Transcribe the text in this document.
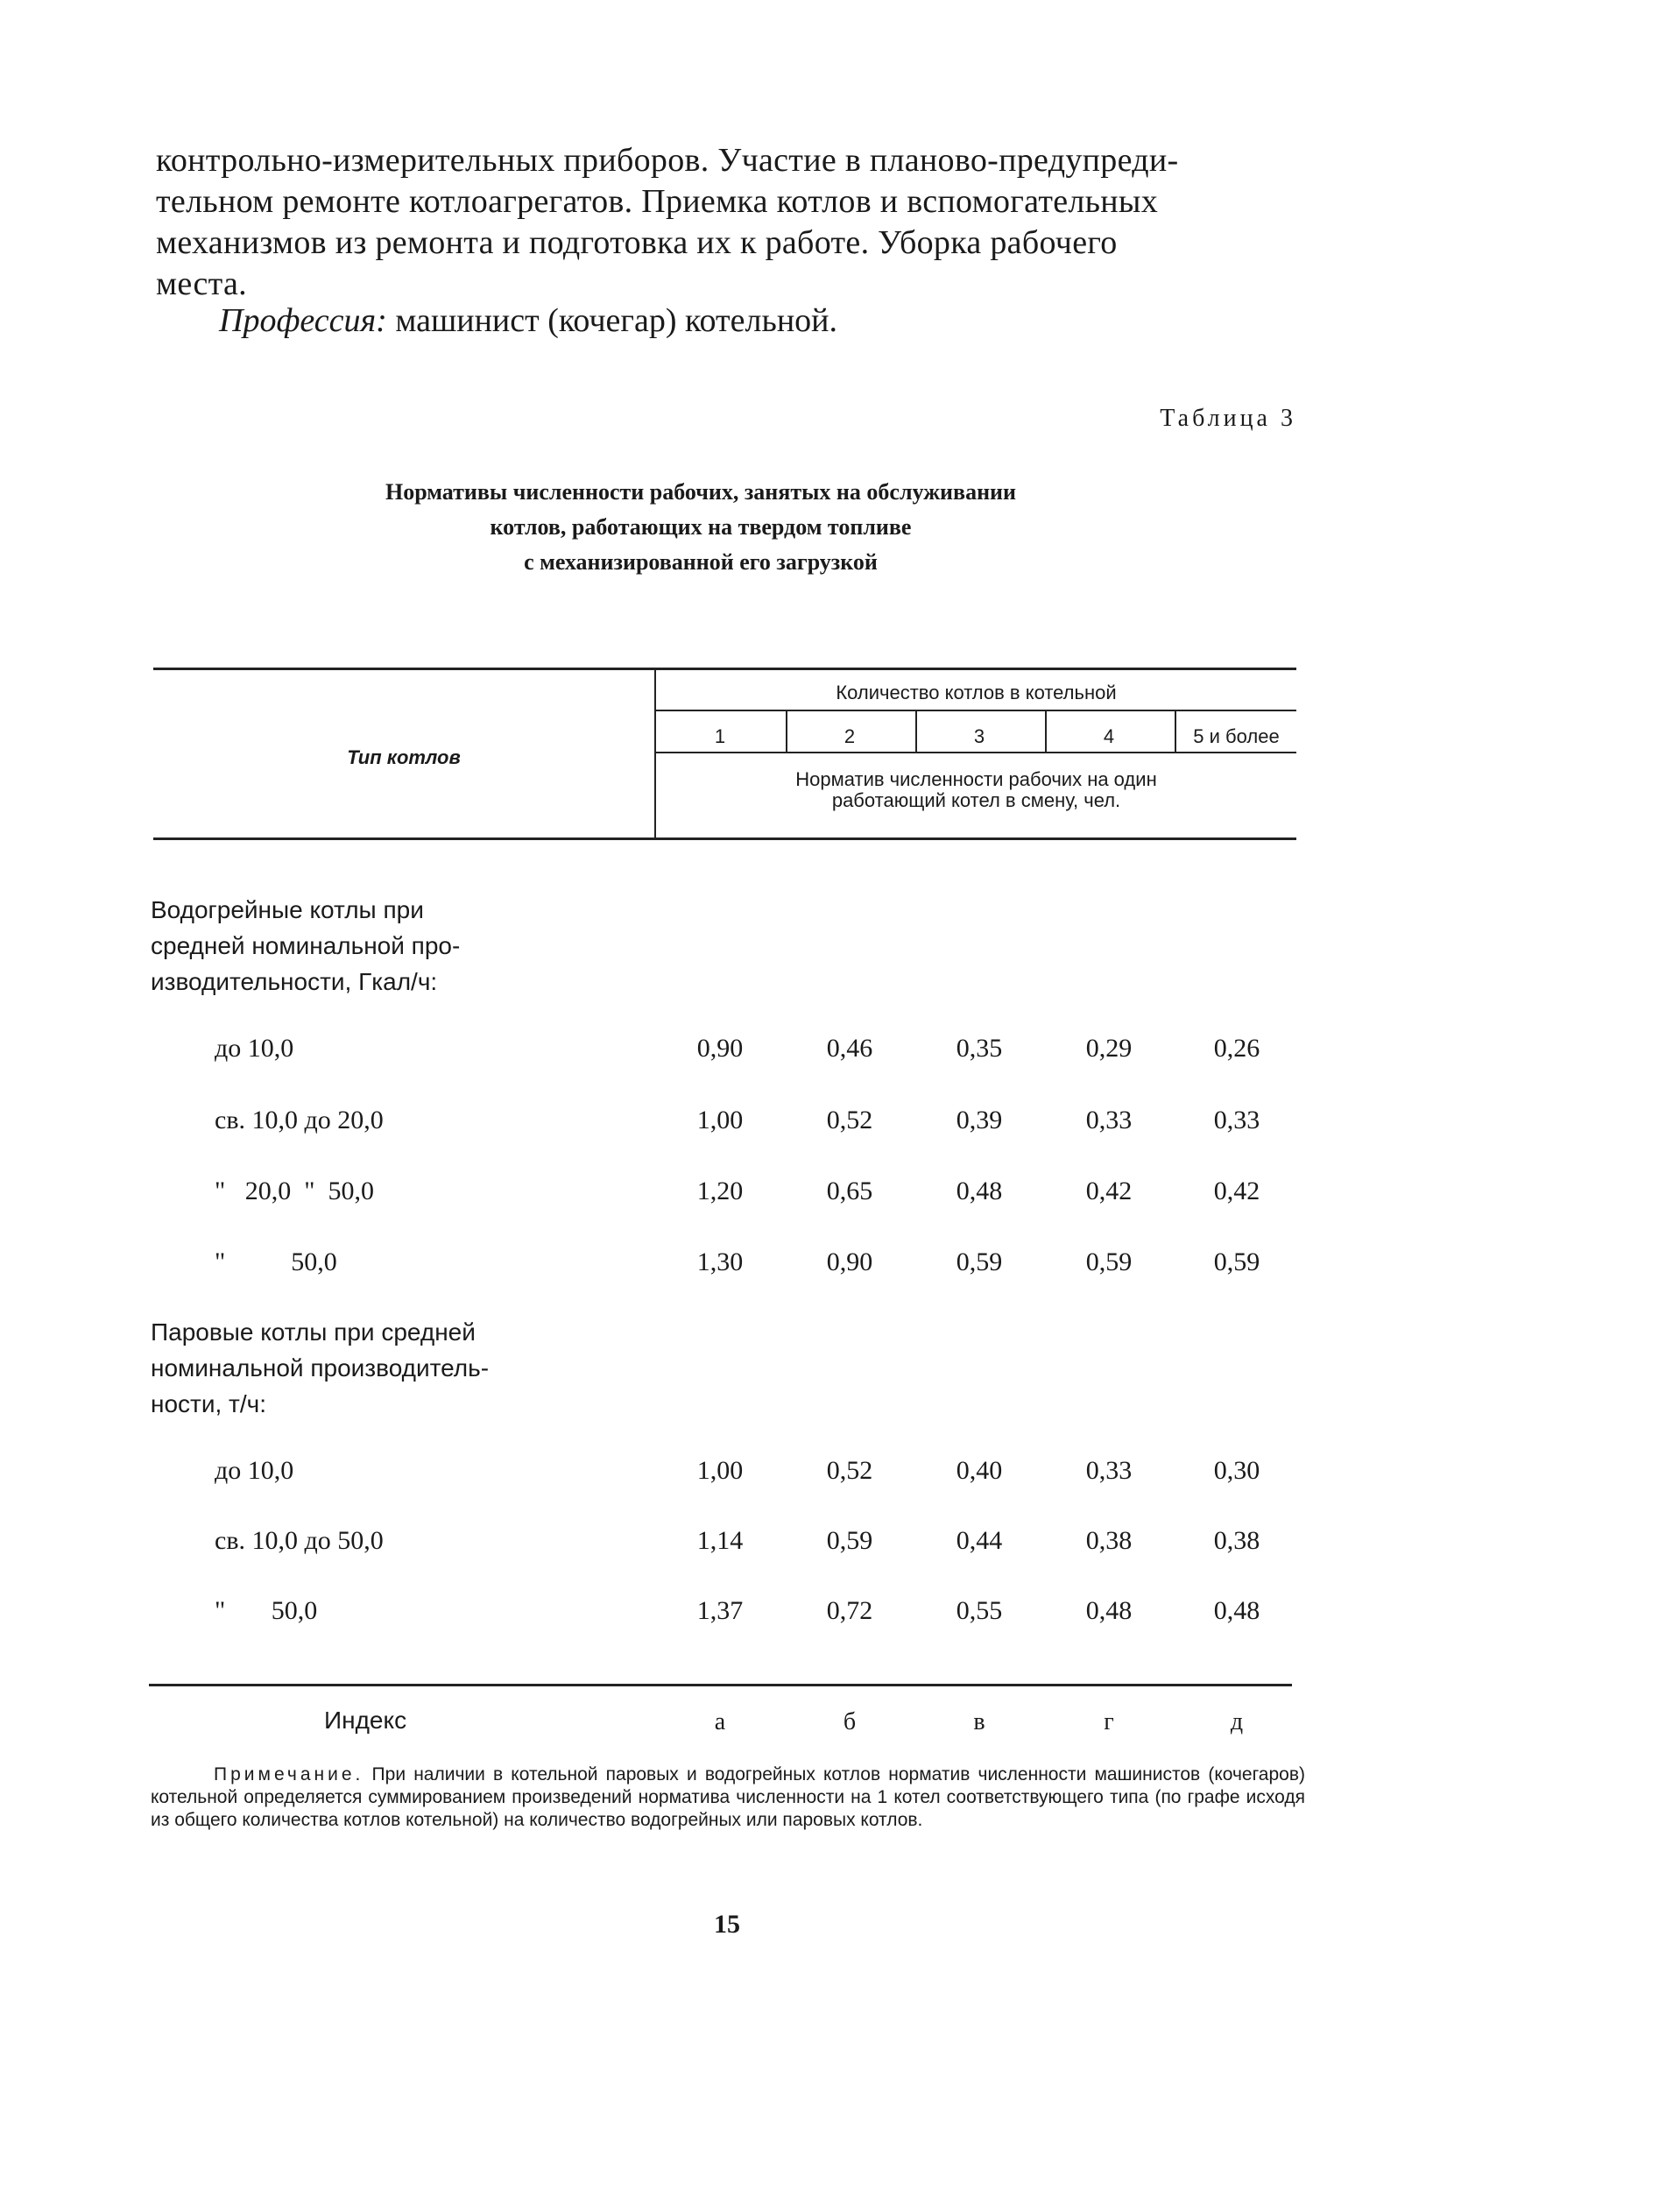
контрольно-измерительных приборов. Участие в планово-предупреди-
тельном ремонте котлоагрегатов. Приемка котлов и вспомогательных
механизмов из ремонта и подготовка их к работе. Уборка рабочего
места.
Профессия: машинист (кочегар) котельной.
Таблица 3
Нормативы численности рабочих, занятых на обслуживании
котлов, работающих на твердом топливе
с механизированной его загрузкой
Тип котлов
Количество котлов в котельной
1	2	3	4	5 и более
Норматив численности рабочих на один
работающий котел в смену, чел.
Водогрейные котлы при
средней номинальной про-
изводительности, Гкал/ч:
до 10,0	0,90	0,46	0,35	0,29	0,26
св. 10,0 до 20,0	1,00	0,52	0,39	0,33	0,33
"   20,0  "  50,0	1,20	0,65	0,48	0,42	0,42
"          50,0	1,30	0,90	0,59	0,59	0,59
Паровые котлы при средней
номинальной производитель-
ности, т/ч:
до 10,0	1,00	0,52	0,40	0,33	0,30
св. 10,0 до 50,0	1,14	0,59	0,44	0,38	0,38
"       50,0	1,37	0,72	0,55	0,48	0,48
Индекс	а	б	в	г	д
Примечание. При наличии в котельной паровых и водогрейных котлов норматив численности машинистов (кочегаров) котельной определяется суммированием произведений норматива численности на 1 котел соответствующего типа (по графе исходя из общего количества котлов котельной) на количество водогрейных или паровых котлов.
15
